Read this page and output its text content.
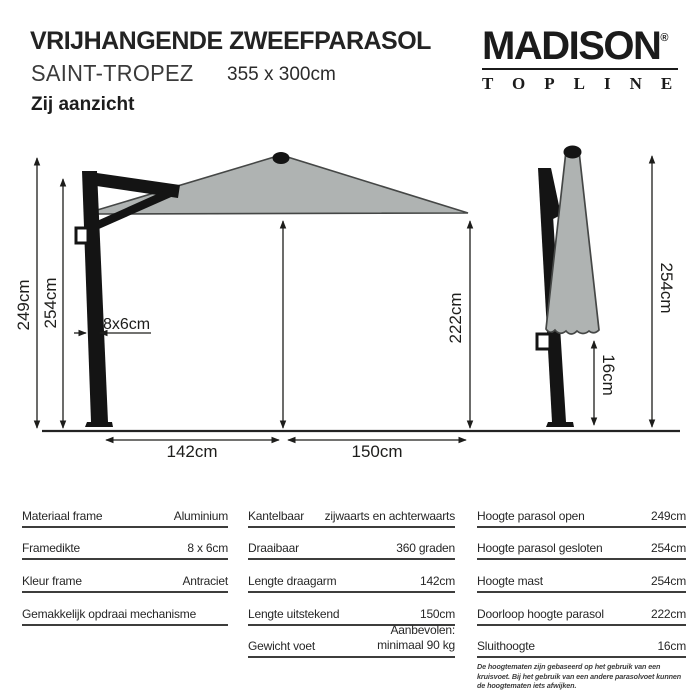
VRIJHANGENDE ZWEEFPARASOL
SAINT-TROPEZ 355 x 300cm
Zij aanzicht
MADISON®
TOPLINE
249cm 254cm	222cm
254cm
16cm
142cm	150cm
8x6cm
Materiaal frame	Aluminium
Framedikte	8 x 6cm
Kleur frame	Antraciet
Gemakkelijk opdraai mechanisme
Kantelbaar zijwaarts en achterwaarts
Draaibaar	360 graden
Lengte draagarm	142cm
Lengte uitstekend	150cm
Gewicht voet
Aanbevolen: minimaal 90 kg
Hoogte parasol open	249cm
Hoogte parasol gesloten	254cm
Hoogte mast	254cm
Doorloop hoogte parasol	222cm
Sluithoogte	16cm
De hoogtematen zijn gebaseerd op het gebruik van een kruisvoet. Bij het gebruik van een andere parasolvoet kunnen de hoogtematen iets afwijken.
